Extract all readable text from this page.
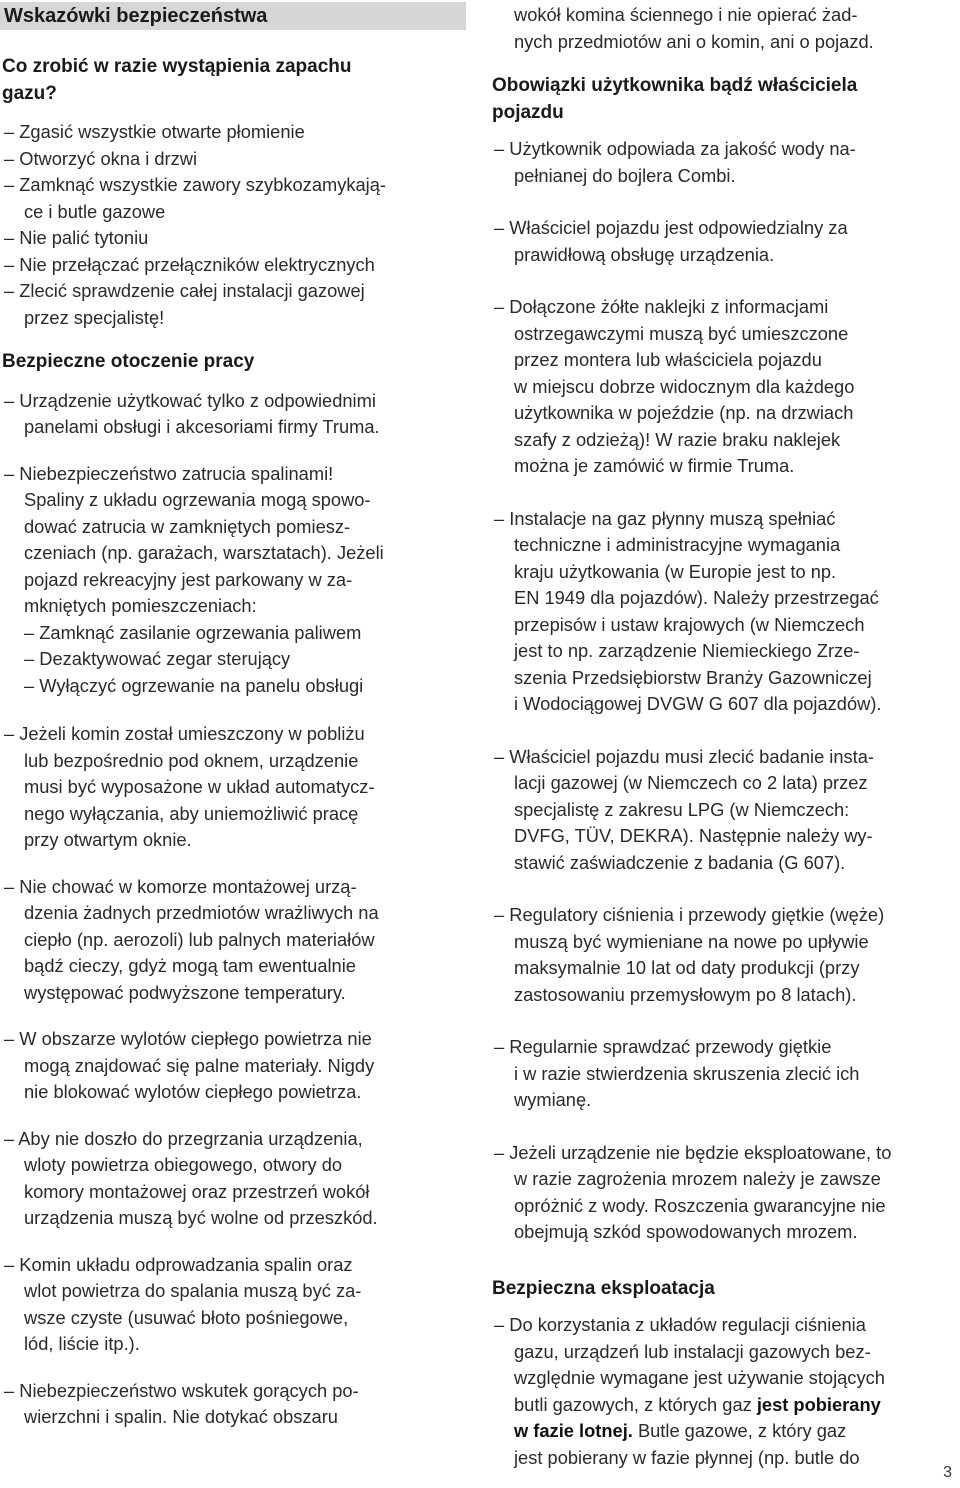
Wskazówki bezpieczeństwa
Co zrobić w razie wystąpienia zapachu
gazu?
– Zgasić wszystkie otwarte płomienie
– Otworzyć okna i drzwi
– Zamknąć wszystkie zawory szybkozamykają-
ce i butle gazowe
– Nie palić tytoniu
– Nie przełączać przełączników elektrycznych
– Zlecić sprawdzenie całej instalacji gazowej
przez specjalistę!
Bezpieczne otoczenie pracy
– Urządzenie użytkować tylko z odpowiednimi
panelami obsługi i akcesoriami firmy Truma.
– Niebezpieczeństwo zatrucia spalinami!
Spaliny z układu ogrzewania mogą spowo-
dować zatrucia w zamkniętych pomiesz-
czeniach (np. garażach, warsztatach). Jeżeli
pojazd rekreacyjny jest parkowany w za-
mkniętych pomieszczeniach:
– Zamknąć zasilanie ogrzewania paliwem
– Dezaktywować zegar sterujący
– Wyłączyć ogrzewanie na panelu obsługi
– Jeżeli komin został umieszczony w pobliżu
lub bezpośrednio pod oknem, urządzenie
musi być wyposażone w układ automatycz-
nego wyłączania, aby uniemożliwić pracę
przy otwartym oknie.
– Nie chować w komorze montażowej urzą-
dzenia żadnych przedmiotów wrażliwych na
ciepło (np. aerozoli) lub palnych materiałów
bądź cieczy, gdyż mogą tam ewentualnie
występować podwyższone temperatury.
– W obszarze wylotów ciepłego powietrza nie
mogą znajdować się palne materiały. Nigdy
nie blokować wylotów ciepłego powietrza.
– Aby nie doszło do przegrzania urządzenia,
wloty powietrza obiegowego, otwory do
komory montażowej oraz przestrzeń wokół
urządzenia muszą być wolne od przeszkód.
– Komin układu odprowadzania spalin oraz
wlot powietrza do spalania muszą być za-
wsze czyste (usuwać błoto pośniegowe,
lód, liście itp.).
– Niebezpieczeństwo wskutek gorących po-
wierzchni i spalin. Nie dotykać obszaru
wokół komina ściennego i nie opierać żad-
nych przedmiotów ani o komin, ani o pojazd.
Obowiązki użytkownika bądź właściciela
pojazdu
– Użytkownik odpowiada za jakość wody na-
pełnianej do bojlera Combi.
– Właściciel pojazdu jest odpowiedzialny za
prawidłową obsługę urządzenia.
– Dołączone żółte naklejki z informacjami
ostrzegawczymi muszą być umieszczone
przez montera lub właściciela pojazdu
w miejscu dobrze widocznym dla każdego
użytkownika w pojeździe (np. na drzwiach
szafy z odzieżą)! W razie braku naklejek
można je zamówić w firmie Truma.
– Instalacje na gaz płynny muszą spełniać
techniczne i administracyjne wymagania
kraju użytkowania (w Europie jest to np.
EN 1949 dla pojazdów). Należy przestrzegać
przepisów i ustaw krajowych (w Niemczech
jest to np. zarządzenie Niemieckiego Zrze-
szenia Przedsiębiorstw Branży Gazowniczej
i Wodociągowej DVGW G 607 dla pojazdów).
– Właściciel pojazdu musi zlecić badanie insta-
lacji gazowej (w Niemczech co 2 lata) przez
specjalistę z zakresu LPG (w Niemczech:
DVFG, TÜV, DEKRA). Następnie należy wy-
stawić zaświadczenie z badania (G 607).
– Regulatory ciśnienia i przewody giętkie (węże)
muszą być wymieniane na nowe po upływie
maksymalnie 10 lat od daty produkcji (przy
zastosowaniu przemysłowym po 8 latach).
– Regularnie sprawdzać przewody giętkie
i w razie stwierdzenia skruszenia zlecić ich
wymianę.
– Jeżeli urządzenie nie będzie eksploatowane, to
w razie zagrożenia mrozem należy je zawsze
opróżnić z wody. Roszczenia gwarancyjne nie
obejmują szkód spowodowanych mrozem.
Bezpieczna eksploatacja
– Do korzystania z układów regulacji ciśnienia
gazu, urządzeń lub instalacji gazowych bez-
względnie wymagane jest używanie stojących
butli gazowych, z których gaz jest pobierany
w fazie lotnej. Butle gazowe, z który gaz
jest pobierany w fazie płynnej (np. butle do
3
